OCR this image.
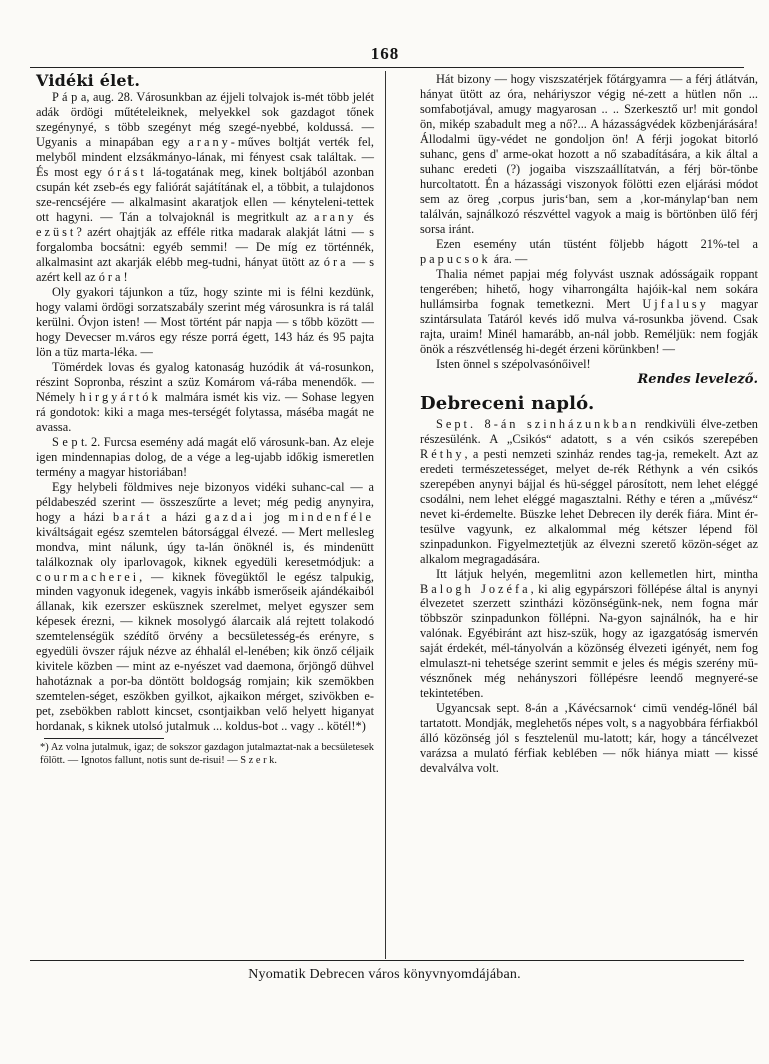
168
Vidéki élet.

P á p a, aug. 28. Városunkban az éjjeli tolvajok is-mét több jelét adák ördögi műtételeiknek, melyekkel sok gazdagot tőnek szegénynyé, s több szegényt még szegé-nyebbé, koldussá. — Ugyanis a minapában egy arany-műves boltját verték fel, melyből mindent elzsákmányo-lának, mi fényest csak találtak. — És most egy órást lá-togatának meg, kinek boltjából azonban csupán két zseb-és egy faliórát sajátítának el, a többit, a tulajdonos sze-rencséjére — alkalmasint akaratjok ellen — kényteleni-tettek ott hagyni. — Tán a tolvajoknál is megritkult az arany és ezüst? azért ohajtják az efféle ritka madarak alakját látni — s forgalomba bocsátni: egyéb semmi! — De míg ez történnék, alkalmasint azt akarják elébb meg-tudni, hányat ütött az óra — s azért kell az óra!

Oly gyakori tájunkon a tűz, hogy szinte mi is félni kezdünk, hogy valami ördögi sorzatszabály szerint még városunkra is rá talál kerülni. Óvjon isten! — Most történt pár napja — s tőbb között — hogy Devecser m.város egy része porrá égett, 143 ház és 95 pajta lön a tüz marta-léka. —

Tömérdek lovas és gyalog katonaság huzódik át vá-rosunkon, részint Sopronba, részint a szüz Komárom vá-rába menendők. — Némely hirgyártók malmára ismét kis viz. — Sohase legyen rá gondotok: kiki a maga mes-terségét folytassa, máséba magát ne avassa.

S e p t. 2. Furcsa esemény adá magát elő városunk-ban. Az eleje igen mindennapias dolog, de a vége a leg-ujabb időkig ismeretlen termény a magyar historiában!

Egy helybeli földmives neje bizonyos vidéki suhanc-cal — a példabeszéd szerint — összeszűrte a levet; még pedig anynyira, hogy a házi barát a házi gazdai jog mindenféle kiváltságait egész szemtelen bátorsággal élvezé. — Mert mellesleg mondva, mint nálunk, úgy ta-lán önöknél is, és mindenütt találkoznak oly iparlovagok, kiknek egyedüli keresetmódjuk: a courmacherei, — kiknek fövegüktől le egész talpukig, minden vagyonuk idegenek, vagyis inkább ismerőseik ajándékaiból állanak, kik ezerszer esküsznek szerelmet, melyet egyszer sem képesek érezni, — kiknek mosolygó álarcaik alá rejtett tolakodó szemtelenségük szédítő örvény a becsületesség-és erényre, s egyedüli övszer rájuk nézve az éhhalál el-lenében; kik önző céljaik kivitele közben — mint az e-nyészet vad daemona, őrjöngő dühvel hahotáznak a por-ba döntött boldogság romjain; kik szemökben szemtelen-séget, eszökben gyilkot, ajkaikon mérget, szivökben e-pet, zsebökben rablott kincset, csontjaikban velő helyett higanyat hordanak, s kiknek utolsó jutalmuk ... koldus-bot .. vagy .. kötél!*)

*) Az volna jutalmuk, igaz; de sokszor gazdagon jutalmaztat-nak a becsületesek fölött. — Ignotos fallunt, notis sunt de-risui! — S z e r k.

Hát bizony — hogy viszszatérjek főtárgyamra — a férj átlátván, hányat ütött az óra, neháriyszor végig né-zett a hütlen nőn ... somfabotjával, amugy magyarosan .. .. Szerkesztő ur! mit gondol ön, mikép szabadult meg a nő?... A házasságvédek közbenjárására! Állodalmi ügy-védet ne gondoljon ön! A férji jogokat bitorló suhanc, gens d' arme-okat hozott a nő szabadítására, a kik által a suhanc eredeti (?) jogaiba viszszaállítatván, a férj bör-tönbe hurcoltatott. Én a házassági viszonyok fölötti ezen eljárási módot sem az öreg ‚corpus juris‘ban, sem a ‚kor-mánylap‘ban nem találván, sajnálkozó részvéttel vagyok a maig is börtönben ülő férj sorsa iránt.

Ezen esemény után tüstént följebb hágott 21%-tel a papucsok ára. —

Thalia német papjai még folyvást usznak adósságaik roppant tengerében; hihető, hogy viharrongálta hajóik-kal nem sokára hullámsirba fognak temetkezni. Mert Ujfalusy magyar szintársulata Tatáról kevés idő mulva vá-rosunkba jövend. Csak rajta, uraim! Minél hamarább, an-nál jobb. Reméljük: nem fogják önök a részvétlenség hi-degét érzeni körünkben! —

Isten önnel s szépolvasónőivel!

Rendes levelező.

Debreceni napló.

Sept. 8-án szinházunkban rendkivüli élve-zetben részesülénk. A „Csikós“ adatott, s a vén csikós szerepében Réthy, a pesti nemzeti szinház rendes tag-ja, remekelt. Azt az eredeti természetességet, melyet de-rék Réthynk a vén csikós szerepében anynyi bájjal és hü-séggel párosított, nem lehet eléggé csodálni, nem lehet eléggé magasztalni. Réthy e téren a „művész“ nevet ki-érdemelte. Büszke lehet Debrecen ily derék fiára. Mint ér-tesülve vagyunk, ez alkalommal még kétszer lépend föl szinpadunkon. Figyelmeztetjük az élvezni szerető közön-séget az alkalom megragadására.

Itt látjuk helyén, megemlitni azon kellemetlen hirt, mintha Balogh Jozéfa, ki alig egypárszori föllépése által is anynyi élvezetet szerzett szintházi közönségünk-nek, nem fogna már többször szinpadunkon föllépni. Na-gyon sajnálnók, ha e hir valónak. Egyébiránt azt hisz-szük, hogy az igazgatóság ismervén saját érdekét, mél-tányolván a közönség élvezeti igényét, nem fog elmulaszt-ni tehetsége szerint semmit e jeles és mégis szerény mü-vésznőnek még nehányszori föllépésre leendő megnyeré-se tekintetében.

Ugyancsak sept. 8-án a ‚Kávécsarnok‘ cimü vendég-lőnél bál tartatott. Mondják, meglehetős népes volt, s a nagyobbára férfiakból álló közönség jól s fesztelenül mu-latott; kár, hogy a táncélvezet varázsa a mulató férfiak keblében — nők hiánya miatt — kissé devalválva volt.

Nyomatik Debrecen város könyvnyomdájában.
